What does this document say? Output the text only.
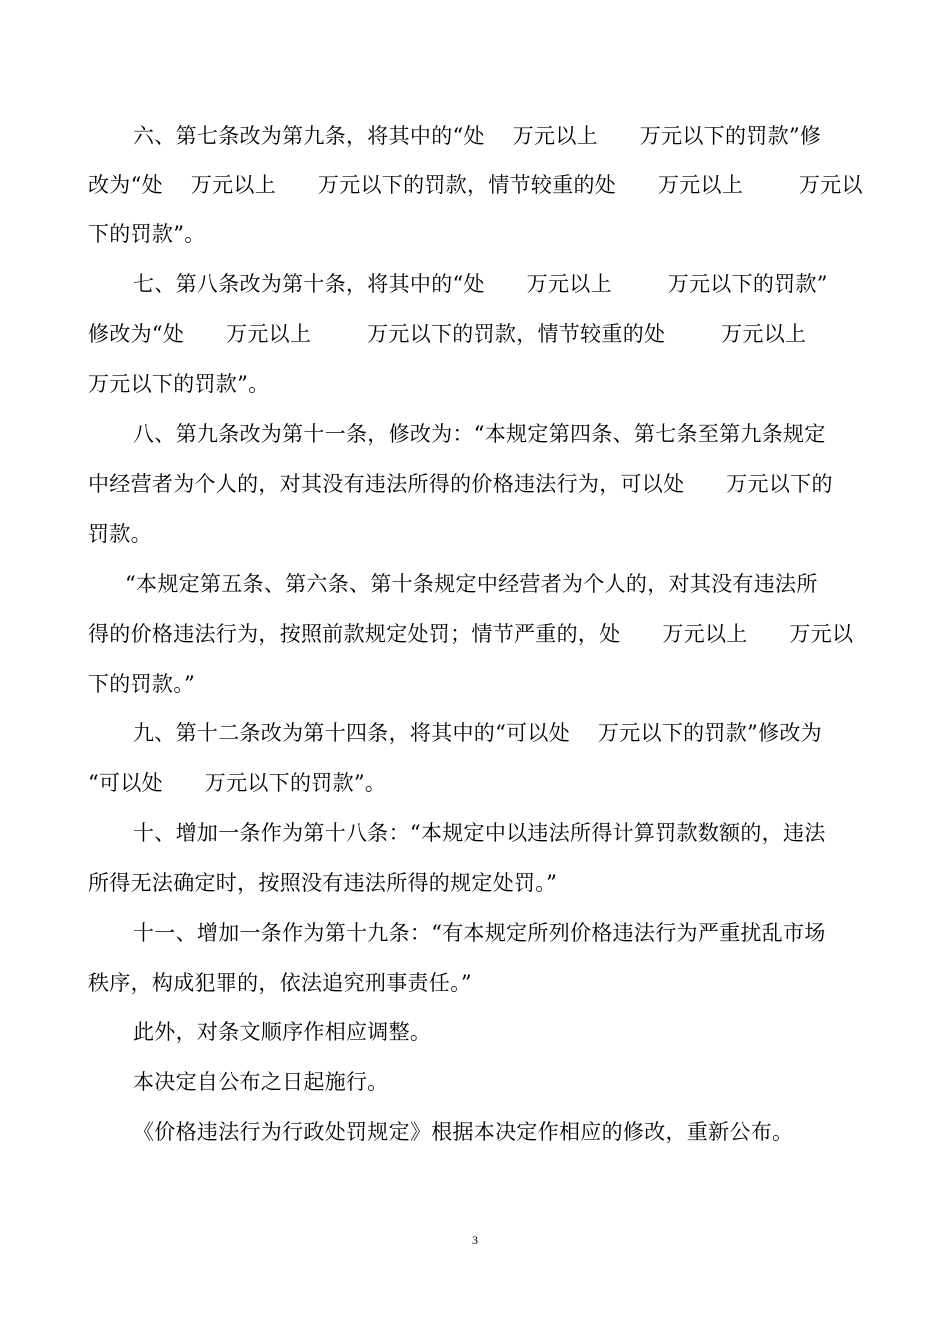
六、第七条改为第九条，将其中的“处    万元以上      万元以下的罚款”修
改为“处    万元以上      万元以下的罚款，情节较重的处      万元以上        万元以
下的罚款”。
七、第八条改为第十条，将其中的“处      万元以上        万元以下的罚款”
修改为“处      万元以上        万元以下的罚款，情节较重的处        万元以上
万元以下的罚款”。
八、第九条改为第十一条，修改为：“本规定第四条、第七条至第九条规定
中经营者为个人的，对其没有违法所得的价格违法行为，可以处      万元以下的
罚款。
“本规定第五条、第六条、第十条规定中经营者为个人的，对其没有违法所
得的价格违法行为，按照前款规定处罚；情节严重的，处      万元以上      万元以
下的罚款。”
九、第十二条改为第十四条，将其中的“可以处    万元以下的罚款”修改为
“可以处      万元以下的罚款”。
十、增加一条作为第十八条：“本规定中以违法所得计算罚款数额的，违法
所得无法确定时，按照没有违法所得的规定处罚。”
十一、增加一条作为第十九条：“有本规定所列价格违法行为严重扰乱市场
秩序，构成犯罪的，依法追究刑事责任。”
此外，对条文顺序作相应调整。
本决定自公布之日起施行。
《价格违法行为行政处罚规定》根据本决定作相应的修改，重新公布。
3
